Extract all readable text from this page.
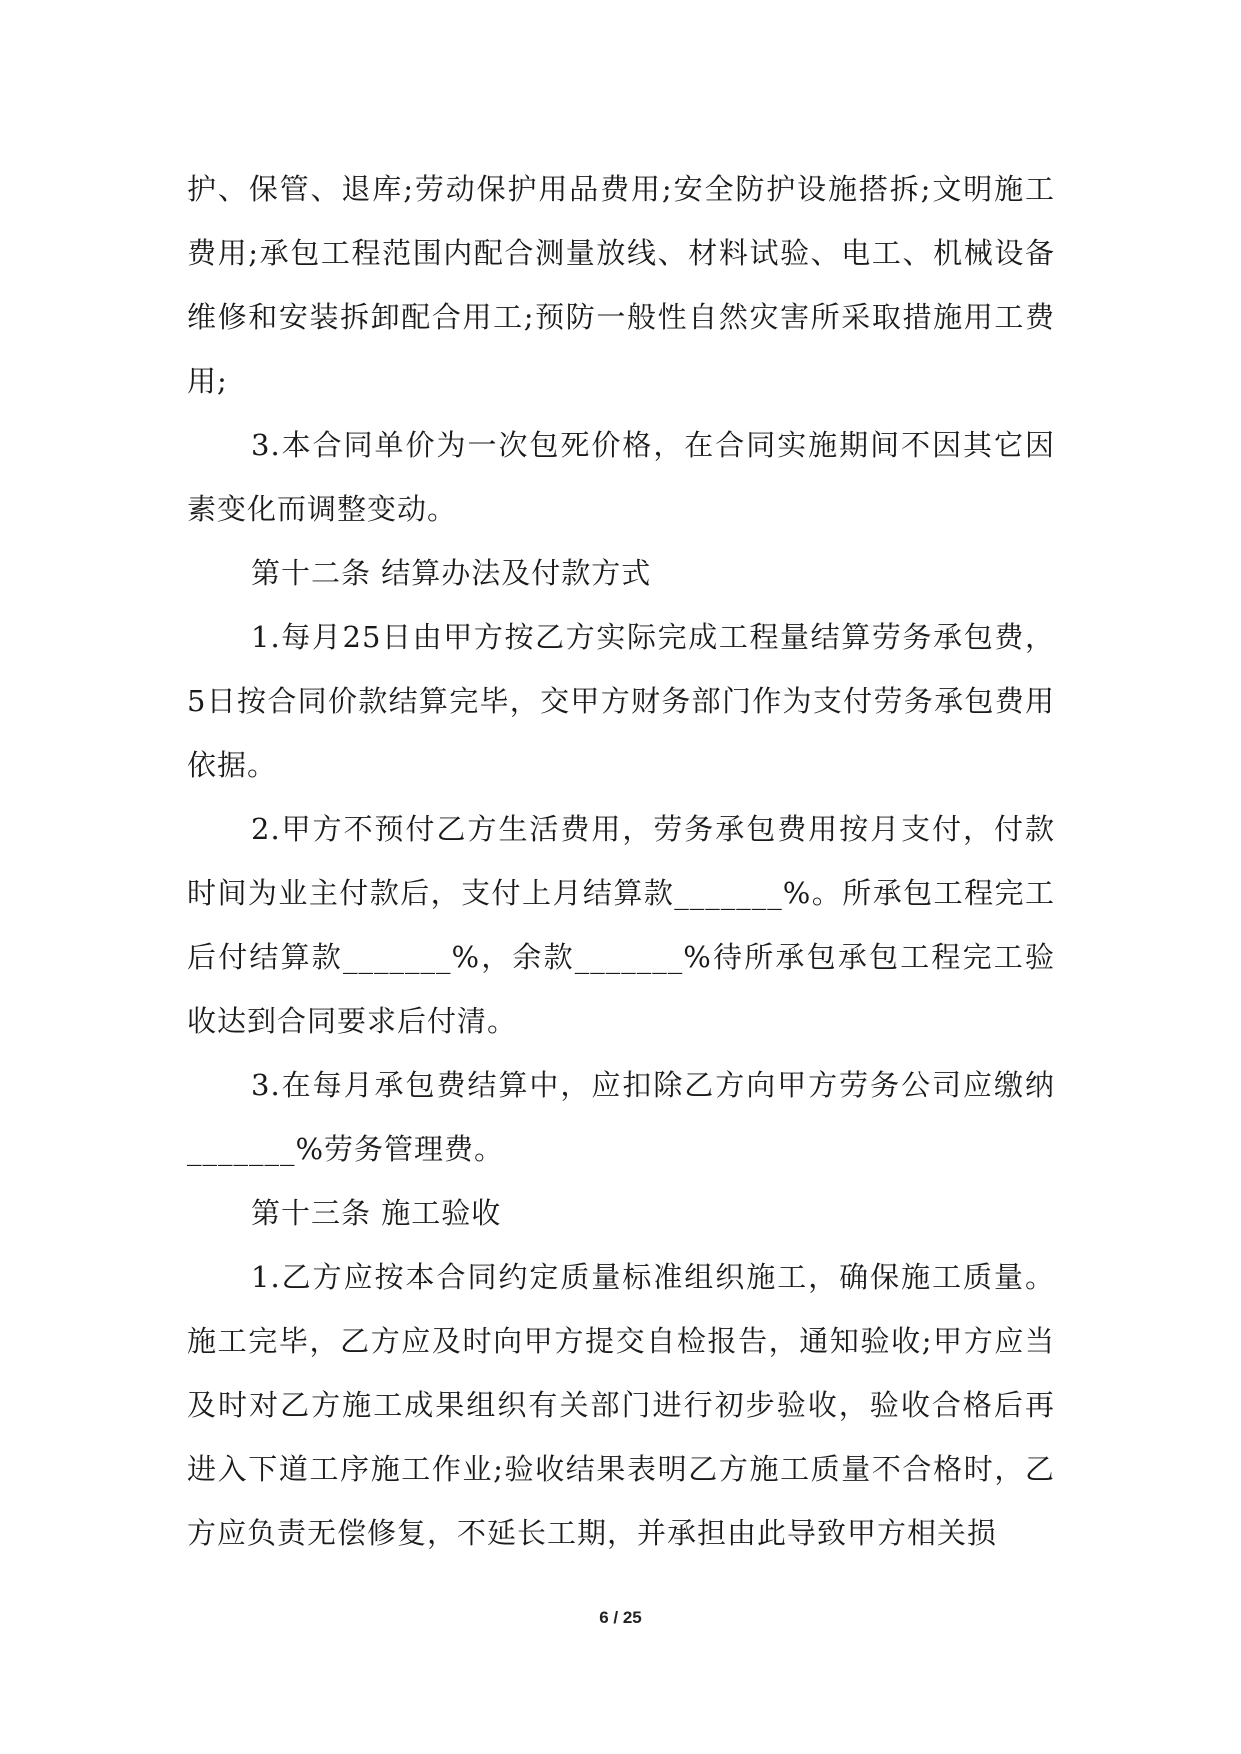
护、保管、退库;劳动保护用品费用;安全防护设施搭拆;文明施工费用;承包工程范围内配合测量放线、材料试验、电工、机械设备维修和安装拆卸配合用工;预防一般性自然灾害所采取措施用工费用;

3.本合同单价为一次包死价格，在合同实施期间不因其它因素变化而调整变动。

第十二条 结算办法及付款方式

1.每月25日由甲方按乙方实际完成工程量结算劳务承包费，5日按合同价款结算完毕，交甲方财务部门作为支付劳务承包费用依据。

2.甲方不预付乙方生活费用，劳务承包费用按月支付，付款时间为业主付款后，支付上月结算款_______%。所承包工程完工后付结算款_______%，余款_______%待所承包承包工程完工验收达到合同要求后付清。

3.在每月承包费结算中，应扣除乙方向甲方劳务公司应缴纳_______%劳务管理费。

第十三条 施工验收

1.乙方应按本合同约定质量标准组织施工，确保施工质量。施工完毕，乙方应及时向甲方提交自检报告，通知验收;甲方应当及时对乙方施工成果组织有关部门进行初步验收，验收合格后再进入下道工序施工作业;验收结果表明乙方施工质量不合格时，乙方应负责无偿修复，不延长工期，并承担由此导致甲方相关损

6 / 25
